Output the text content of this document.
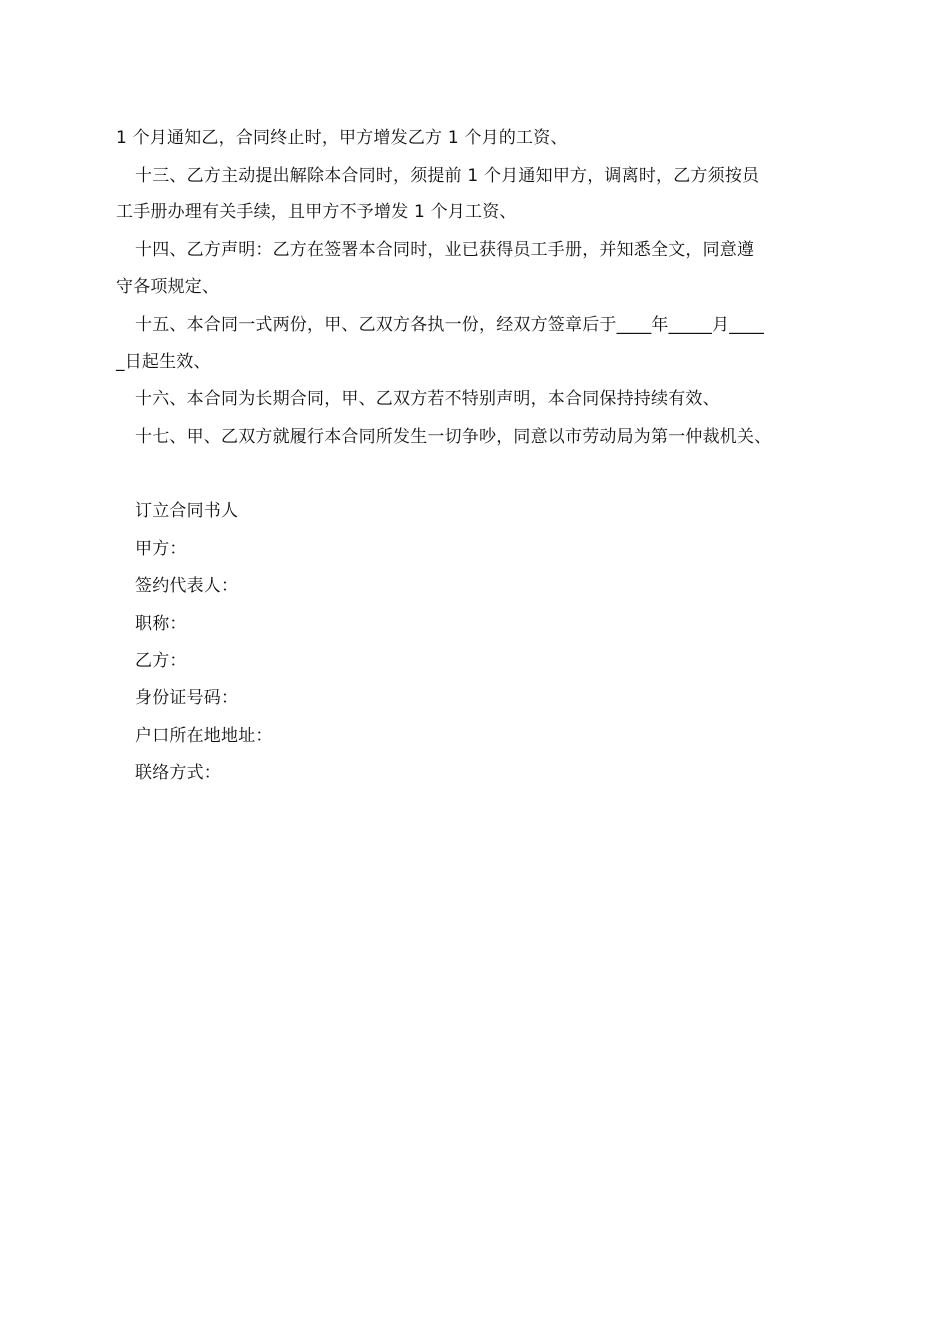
1 个月通知乙，合同终止时，甲方增发乙方 1 个月的工资、
十三、乙方主动提出解除本合同时，须提前 1 个月通知甲方，调离时，乙方须按员
工手册办理有关手续，且甲方不予增发 1 个月工资、
十四、乙方声明：乙方在签署本合同时，业已获得员工手册，并知悉全文，同意遵
守各项规定、
十五、本合同一式两份，甲、乙双方各执一份，经双方签章后于____年_____月____
_日起生效、
十六、本合同为长期合同，甲、乙双方若不特别声明，本合同保持持续有效、
十七、甲、乙双方就履行本合同所发生一切争吵，同意以市劳动局为第一仲裁机关、
订立合同书人
甲方：
签约代表人：
职称：
乙方：
身份证号码：
户口所在地地址：
联络方式：
